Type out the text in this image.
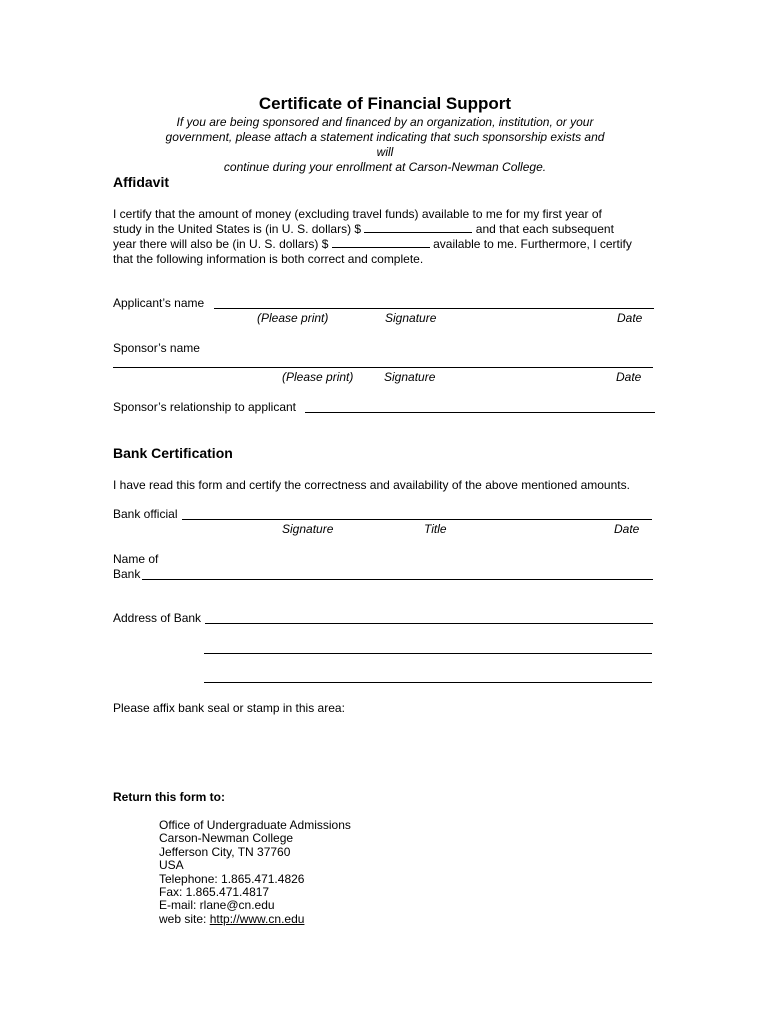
Certificate of Financial Support
If you are being sponsored and financed by an organization, institution, or your
government, please attach a statement indicating that such sponsorship exists and will
continue during your enrollment at Carson-Newman College.
Affidavit
I certify that the amount of money (excluding travel funds) available to me for my first year of
study in the United States is (in U. S. dollars) $	and that each subsequent
year there will also be (in U. S. dollars) $	available to me. Furthermore, I certify
that the following information is both correct and complete.
Applicant’s name
(Please print)	Signature	Date
Sponsor’s name
(Please print)	Signature	Date
Sponsor’s relationship to applicant
Bank Certification
I have read this form and certify the correctness and availability of the above mentioned amounts.
Bank official
Signature	Title	Date
Name of
Bank
Address of Bank
Please affix bank seal or stamp in this area:
Return this form to:
Office of Undergraduate Admissions
Carson-Newman College
Jefferson City, TN 37760
USA
Telephone: 1.865.471.4826
Fax: 1.865.471.4817
E-mail: rlane@cn.edu
web site: http://www.cn.edu
